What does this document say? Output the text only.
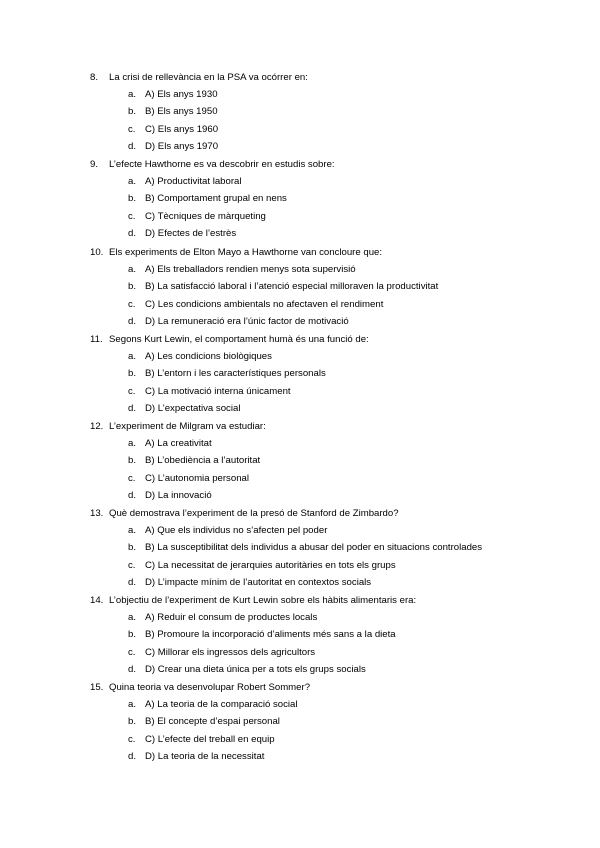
8. La crisi de rellevància en la PSA va ocórrer en:
a. A) Els anys 1930
b. B) Els anys 1950
c. C) Els anys 1960
d. D) Els anys 1970
9. L’efecte Hawthorne es va descobrir en estudis sobre:
a. A) Productivitat laboral
b. B) Comportament grupal en nens
c. C) Tècniques de màrqueting
d. D) Efectes de l’estrès
10. Els experiments de Elton Mayo a Hawthorne van concloure que:
a. A) Els treballadors rendien menys sota supervisió
b. B) La satisfacció laboral i l’atenció especial milloraven la productivitat
c. C) Les condicions ambientals no afectaven el rendiment
d. D) La remuneració era l’únic factor de motivació
11. Segons Kurt Lewin, el comportament humà és una funció de:
a. A) Les condicions biològiques
b. B) L’entorn i les característiques personals
c. C) La motivació interna únicament
d. D) L’expectativa social
12. L’experiment de Milgram va estudiar:
a. A) La creativitat
b. B) L’obediència a l’autoritat
c. C) L’autonomia personal
d. D) La innovació
13. Què demostrava l’experiment de la presó de Stanford de Zimbardo?
a. A) Que els individus no s’afecten pel poder
b. B) La susceptibilitat dels individus a abusar del poder en situacions controlades
c. C) La necessitat de jerarquies autoritàries en tots els grups
d. D) L’impacte mínim de l’autoritat en contextos socials
14. L’objectiu de l’experiment de Kurt Lewin sobre els hàbits alimentaris era:
a. A) Reduir el consum de productes locals
b. B) Promoure la incorporació d’aliments més sans a la dieta
c. C) Millorar els ingressos dels agricultors
d. D) Crear una dieta única per a tots els grups socials
15. Quina teoria va desenvolupar Robert Sommer?
a. A) La teoria de la comparació social
b. B) El concepte d’espai personal
c. C) L’efecte del treball en equip
d. D) La teoria de la necessitat
